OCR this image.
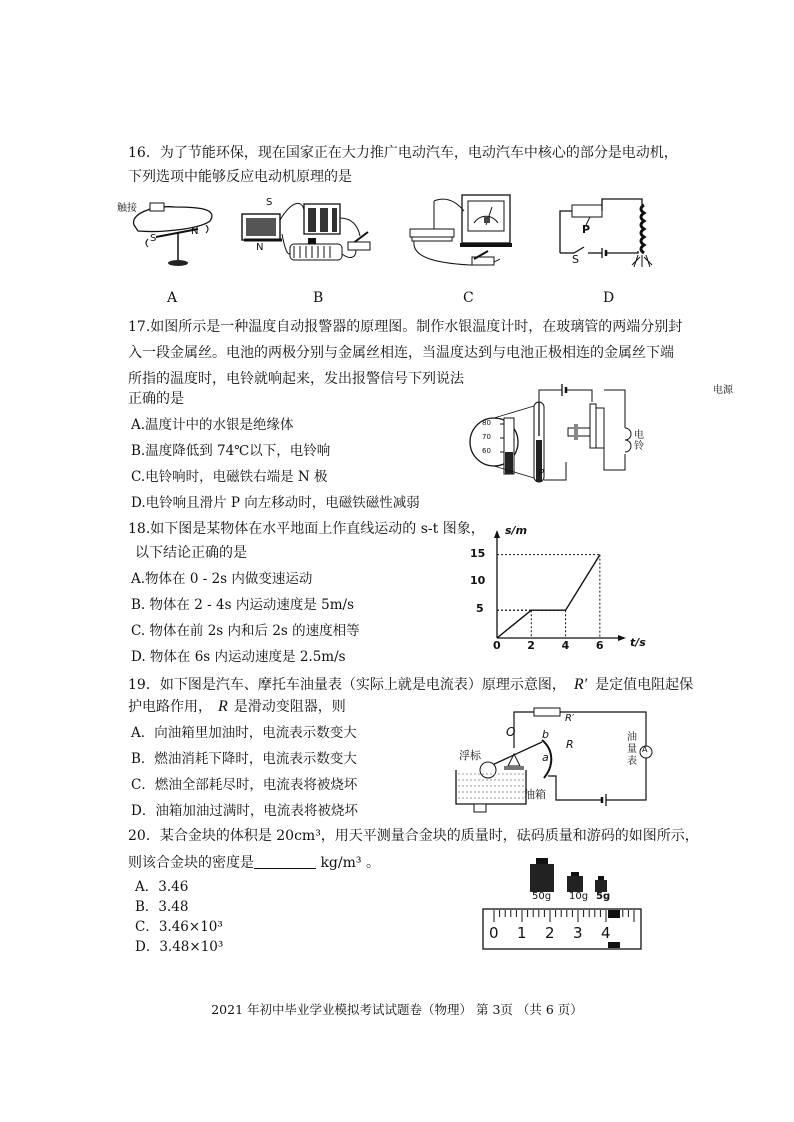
16．为了节能环保，现在国家正在大力推广电动汽车，电动汽车中核心的部分是电动机，
下列选项中能够反应电动机原理的是
触接
S
N
S
N
P
S
A	B	C	D
17.如图所示是一种温度自动报警器的原理图。制作水银温度计时，在玻璃管的两端分别封
入一段金属丝。电池的两极分别与金属丝相连，当温度达到与电池正极相连的金属丝下端
所指的温度时，电铃就响起来，发出报警信号下列说法
正确的是
A.温度计中的水银是绝缘体
B.温度降低到 74℃以下，电铃响
C.电铃响时，电磁铁右端是 N 极
D.电铃响且滑片 P 向左移动时，电磁铁磁性减弱
电源
电铃
P
80
70
60
18.如下图是某物体在水平地面上作直线运动的 s-t 图象，
以下结论正确的是
A.物体在 0 - 2s 内做变速运动
B. 物体在 2 - 4s 内运动速度是 5m/s
C. 物体在前 2s 内和后 2s 的速度相等
D. 物体在 6s 内运动速度是 2.5m/s
s/m
t/s
0 2 4 6
5
10
15
19．如下图是汽车、摩托车油量表（实际上就是电流表）原理示意图， R′ 是定值电阻起保
护电路作用， R 是滑动变阻器，则
A．向油箱里加油时，电流表示数变大
B．燃油消耗下降时，电流表示数变大
C．燃油全部耗尽时，电流表将被烧坏
D．油箱加油过满时，电流表将被烧坏
O b
a
R
R′
浮标
油箱
油量表
A
20．某合金块的体积是 20cm³，用天平测量合金块的质量时，砝码质量和游码的如图所示，
则该合金块的密度是	kg/m³ 。
A．3.46
B．3.48
C．3.46×10³
D．3.48×10³
50g 10g 5g
0 1 2 3 4
2021 年初中毕业学业模拟考试试题卷（物理） 第 3页 （共 6 页）
